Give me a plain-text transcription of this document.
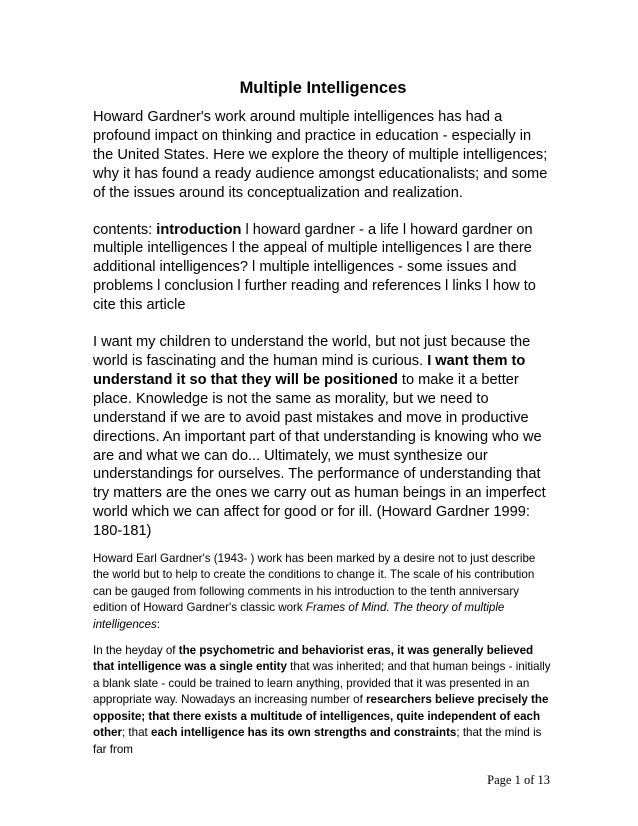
Multiple Intelligences

Howard Gardner's work around multiple intelligences has had a profound impact on thinking and practice in education - especially in the United States. Here we explore the theory of multiple intelligences; why it has found a ready audience amongst educationalists; and some of the issues around its conceptualization and realization.

contents: introduction l howard gardner - a life l howard gardner on multiple intelligences l the appeal of multiple intelligences l are there additional intelligences? l multiple intelligences - some issues and problems l conclusion l further reading and references l links l how to cite this article

I want my children to understand the world, but not just because the world is fascinating and the human mind is curious. I want them to understand it so that they will be positioned to make it a better place. Knowledge is not the same as morality, but we need to understand if we are to avoid past mistakes and move in productive directions. An important part of that understanding is knowing who we are and what we can do... Ultimately, we must synthesize our understandings for ourselves. The performance of understanding that try matters are the ones we carry out as human beings in an imperfect world which we can affect for good or for ill. (Howard Gardner 1999: 180-181)

Howard Earl Gardner's (1943- ) work has been marked by a desire not to just describe the world but to help to create the conditions to change it. The scale of his contribution can be gauged from following comments in his introduction to the tenth anniversary edition of Howard Gardner's classic work Frames of Mind. The theory of multiple intelligences:

In the heyday of the psychometric and behaviorist eras, it was generally believed that intelligence was a single entity that was inherited; and that human beings - initially a blank slate - could be trained to learn anything, provided that it was presented in an appropriate way. Nowadays an increasing number of researchers believe precisely the opposite; that there exists a multitude of intelligences, quite independent of each other; that each intelligence has its own strengths and constraints; that the mind is far from

Page 1 of 13
